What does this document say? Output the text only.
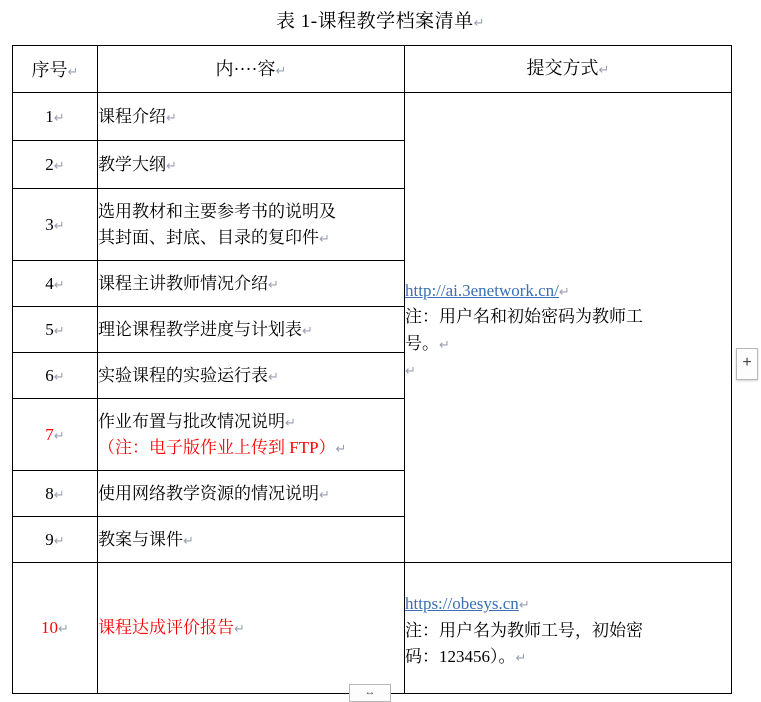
表 1-课程教学档案清单↵
序号↵	内····容↵	提交方式↵
1↵	课程介绍↵	http://ai.3enetwork.cn/↵
注：用户名和初始密码为教师工
号。↵
↵

2↵	教学大纲↵	
3↵	选用教材和主要参考书的说明及
其封面、封底、目录的复印件↵	

4↵	课程主讲教师情况介绍↵	
5↵	理论课程教学进度与计划表↵	
6↵	实验课程的实验运行表↵	
7↵	作业布置与批改情况说明↵
（注：电子版作业上传到 FTP）↵	

8↵	使用网络教学资源的情况说明↵	
9↵	教案与课件↵	
10↵	课程达成评价报告↵	https://obesys.cn↵
注：用户名为教师工号，初始密
码：123456）。↵
+
↔
